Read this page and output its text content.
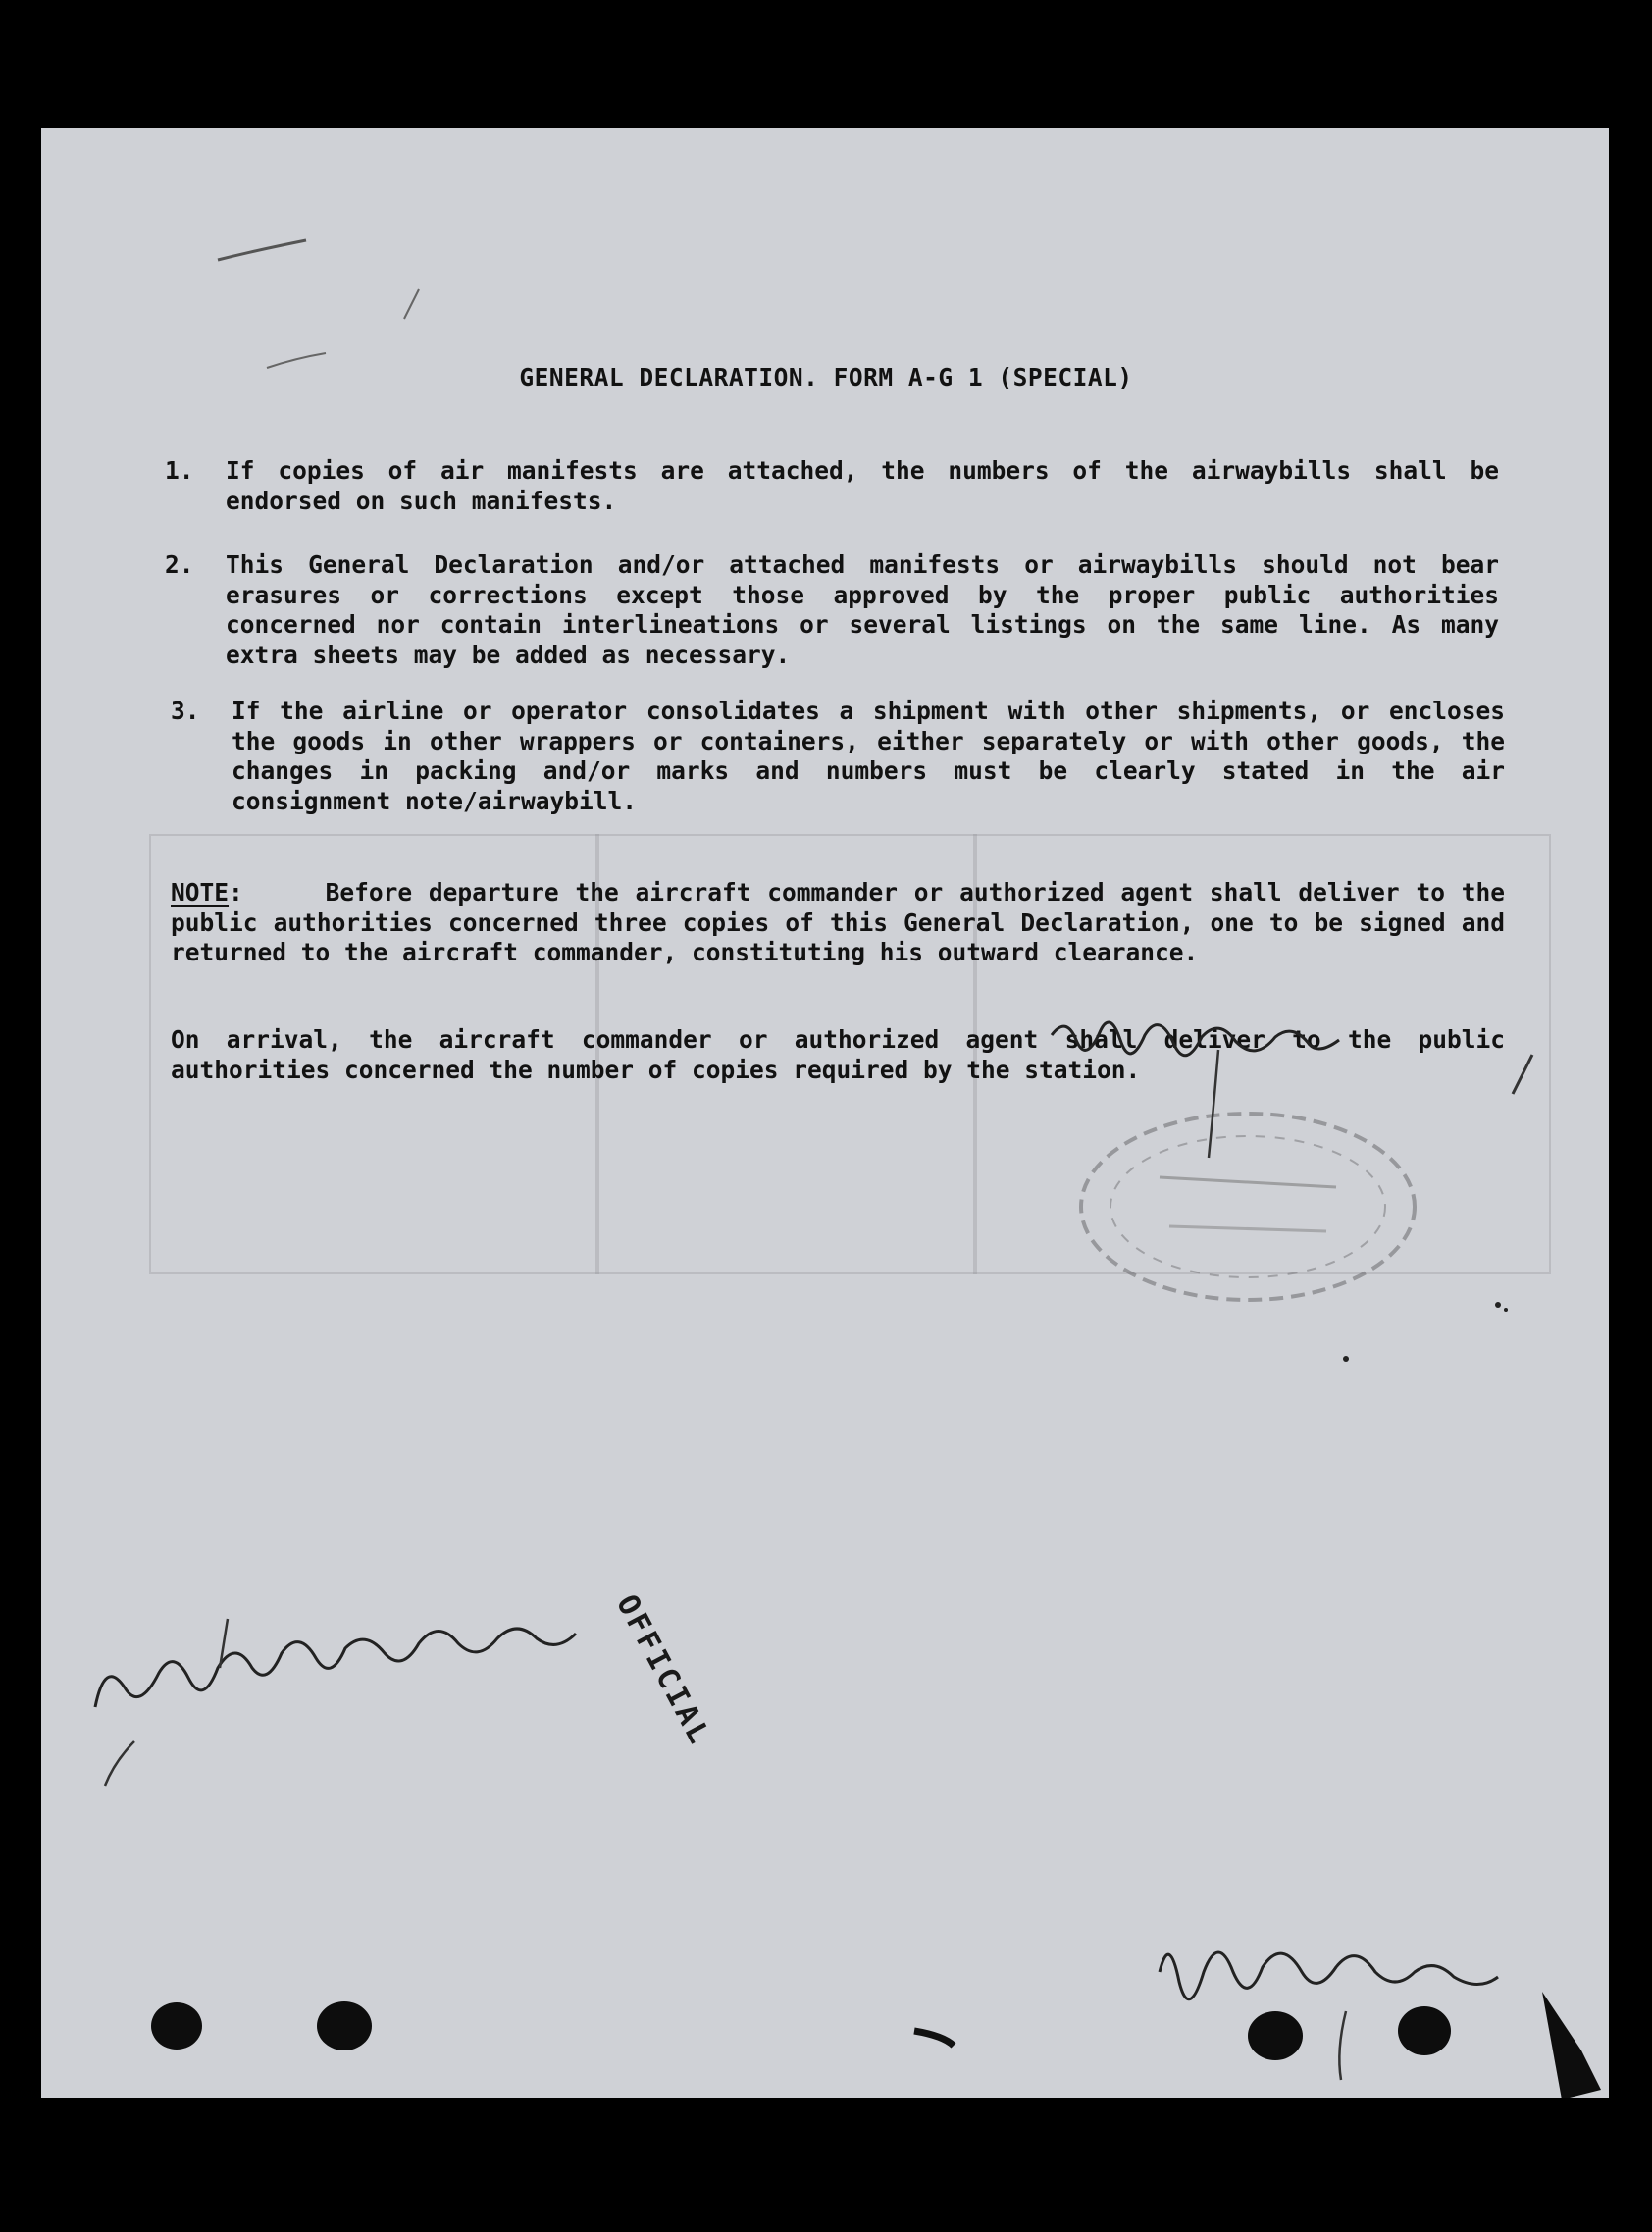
GENERAL DECLARATION. FORM A-G 1 (SPECIAL)
1.	If copies of air manifests are attached, the numbers of the airwaybills shall be endorsed on such manifests.
2.	This General Declaration and/or attached manifests or airwaybills should not bear erasures or corrections except those approved by the proper public authorities concerned nor contain interlineations or several listings on the same line. As many extra sheets may be added as necessary.
3.	If the airline or operator consolidates a shipment with other shipments, or encloses the goods in other wrappers or containers, either separately or with other goods, the changes in packing and/or marks and numbers must be clearly stated in the air consignment note/airwaybill.
NOTE:     Before departure the aircraft commander or authorized agent shall deliver to the public authorities concerned three copies of this General Declaration, one to be signed and returned to the aircraft commander, constituting his outward clearance.
On arrival, the aircraft commander or authorized agent shall deliver to the public authorities concerned the number of copies required by the station.
OFFICIAL
